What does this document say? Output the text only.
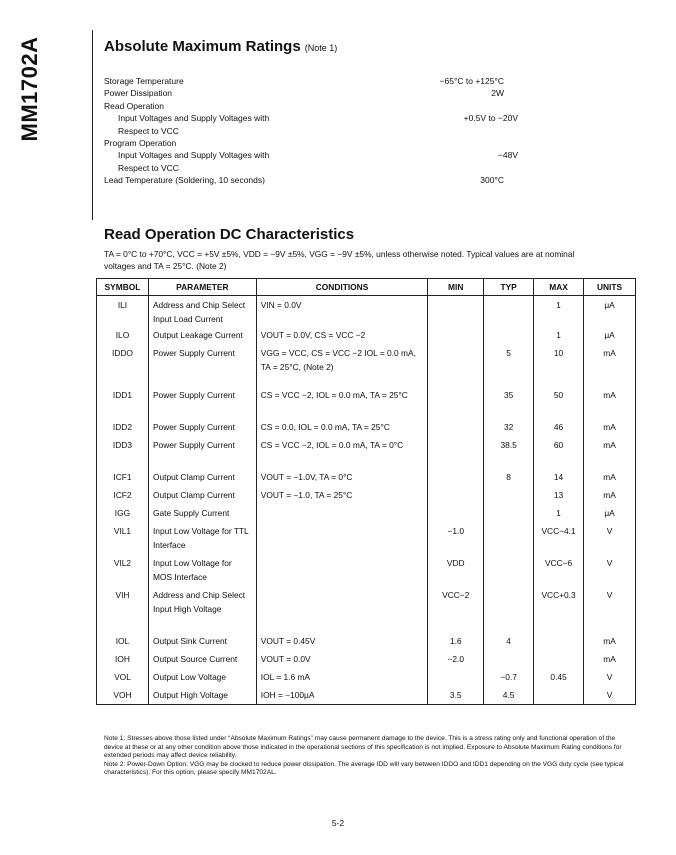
MM1702A	Absolute Maximum Ratings (Note 1)
Storage Temperature	−65°C to +125°C
Power Dissipation	2W
Read Operation
Input Voltages and Supply Voltages with	+0.5V to −20V
Respect to VCC
Program Operation
Input Voltages and Supply Voltages with	−48V
Respect to VCC
Lead Temperature (Soldering, 10 seconds)	300°C
Read Operation DC Characteristics
TA = 0°C to +70°C, VCC = +5V ±5%, VDD = −9V ±5%, VGG = −9V ±5%, unless otherwise noted. Typical values are at nominal
voltages and TA = 25°C. (Note 2)
SYMBOL	PARAMETER	CONDITIONS	MIN	TYP	MAX	UNITS
ILI	Address and Chip Select Input Load Current	VIN = 0.0V			1	μA
ILO	Output Leakage Current	VOUT = 0.0V, CS = VCC −2			1	μA
IDDO	Power Supply Current	VGG = VCC, CS = VCC −2 IOL = 0.0 mA, TA = 25°C, (Note 2)		5	10	mA
IDD1	Power Supply Current	CS = VCC −2, IOL = 0.0 mA, TA = 25°C		35	50	mA
IDD2	Power Supply Current	CS = 0.0, IOL = 0.0 mA, TA = 25°C		32	46	mA
IDD3	Power Supply Current	CS = VCC −2, IOL = 0.0 mA, TA = 0°C		38.5	60	mA
ICF1	Output Clamp Current	VOUT = −1.0V, TA = 0°C		8	14	mA
ICF2	Output Clamp Current	VOUT = −1.0, TA = 25°C			13	mA
IGG	Gate Supply Current				1	μA
VIL1	Input Low Voltage for TTL Interface		−1.0		VCC−4.1	V
VIL2	Input Low Voltage for MOS Interface		VDD		VCC−6	V
VIH	Address and Chip Select Input High Voltage		VCC−2		VCC+0.3	V
IOL	Output Sink Current	VOUT = 0.45V	1.6	4		mA
IOH	Output Source Current	VOUT = 0.0V	−2.0			mA
VOL	Output Low Voltage	IOL = 1.6 mA		−0.7	0.45	V
VOH	Output High Voltage	IOH = −100μA	3.5	4.5		V
Note 1: Stresses above those listed under “Absolute Maximum Ratings” may cause permanent damage to the device. This is a stress rating only and functional operation of the device at these or at any other condition above those indicated in the operational sections of this specification is not implied. Exposure to Absolute Maximum Rating conditions for extended periods may affect device reliability.
Note 2: Power-Down Option: VGG may be clocked to reduce power dissipation. The average IDD will vary between IDDO and IDD1 depending on the VGG duty cycle (see typical characteristics). For this option, please specify MM1702AL.
5-2
